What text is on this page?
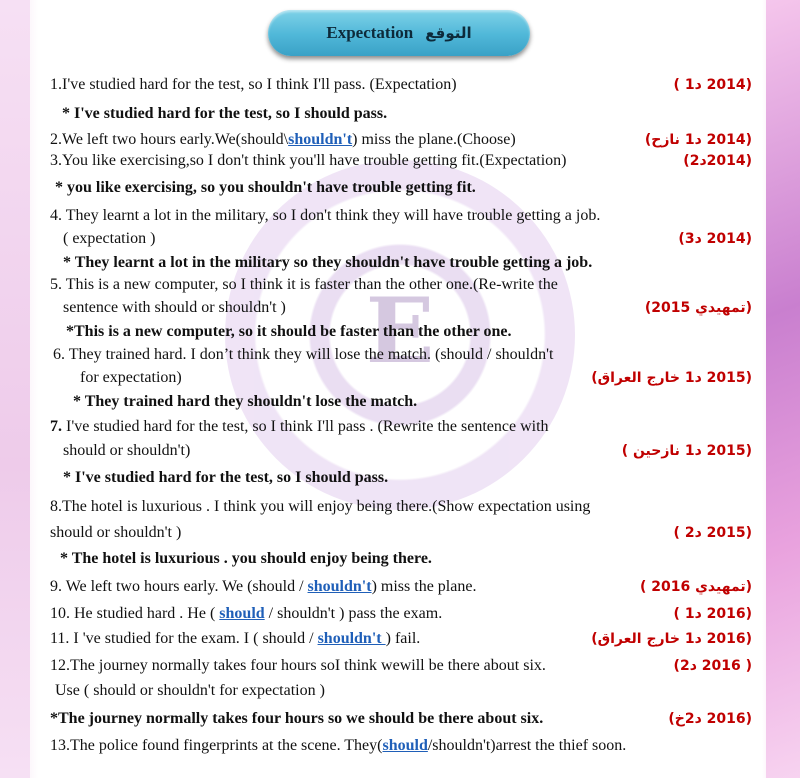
E
Expectation التوقع
1.I've studied hard for the test, so I think I'll pass. (Expectation)	(2014 د1 )
* I've studied hard for the test, so I should pass.
2.We left two hours early.We(should\shouldn't) miss the plane.(Choose)	(2014 د1 نازح)
3.You like exercising,so I don't think you'll have trouble getting fit.(Expectation)	(2014د2)
* you like exercising, so you shouldn't have trouble getting fit.
4. They learnt a lot in the military, so I don't think they will have trouble getting a job.
( expectation )	(2014 د3)
* They learnt a lot in the military so they shouldn't have trouble getting a job.
5. This is a new computer, so I think it is faster than the other one.(Re-write the
sentence with should or shouldn't )	(تمهيدي 2015)
*This is a new computer, so it should be faster than the other one.
6. They trained hard. I don’t think they will lose the match. (should / shouldn't
for expectation)	(2015 د1 خارج العراق)
* They trained hard they shouldn't lose the match.
7. I've studied hard for the test, so I think I'll pass . (Rewrite the sentence with
should or shouldn't)	(2015 د1 نازحين )
* I've studied hard for the test, so I should pass.
8.The hotel is luxurious . I think you will enjoy being there.(Show expectation using
should or shouldn't )	(2015 د2 )
* The hotel is luxurious . you should enjoy being there.
9. We left two hours early. We (should / shouldn't) miss the plane.	(تمهيدي 2016 )
10. He studied hard . He ( should / shouldn't ) pass the exam.	(2016 د1 )
11. I 've studied for the exam. I ( should / shouldn't ) fail.	(2016 د1 خارج العراق)
12.The journey normally takes four hours soI think wewill be there about six.	( 2016 د2)
Use ( should or shouldn't for expectation )
*The journey normally takes four hours so we should be there about six.	(2016 د2خ)
13.The police found fingerprints at the scene. They(should/shouldn't)arrest the thief soon.
